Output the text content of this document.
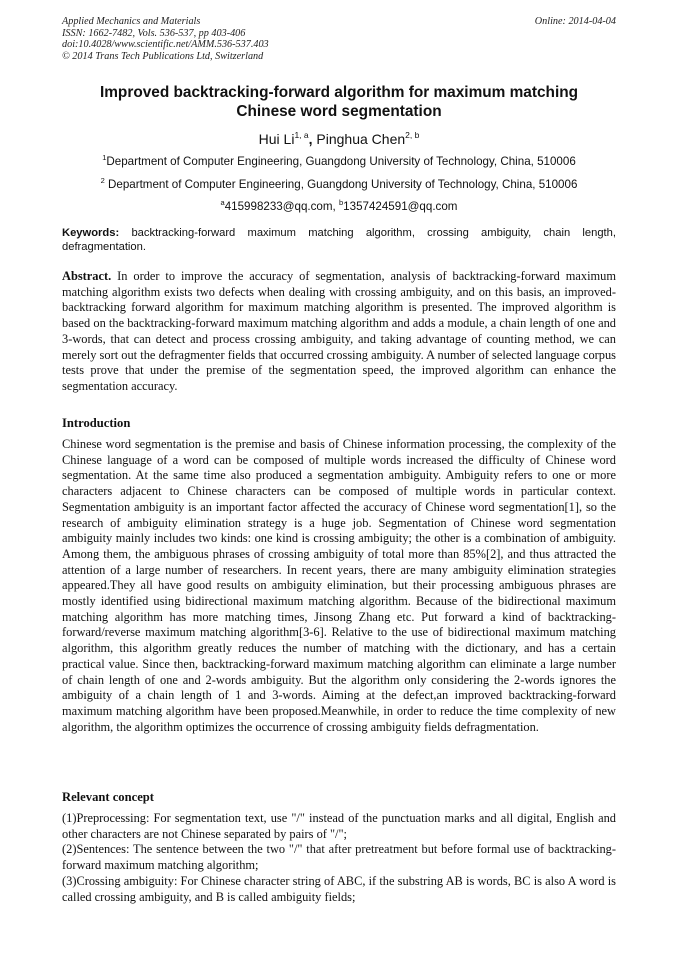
Applied Mechanics and Materials
ISSN: 1662-7482, Vols. 536-537, pp 403-406
doi:10.4028/www.scientific.net/AMM.536-537.403
© 2014 Trans Tech Publications Ltd, Switzerland
Online: 2014-04-04
Improved backtracking-forward algorithm for maximum matching
Chinese word segmentation
Hui Li$^{1, a}$, Pinghua Chen$^{2, b}$
$^1$Department of Computer Engineering, Guangdong University of Technology, China, 510006
$^2$ Department of Computer Engineering, Guangdong University of Technology, China, 510006
$^a$415998233@qq.com, $^b$1357424591@qq.com
Keywords: backtracking-forward maximum matching algorithm, crossing ambiguity, chain length, defragmentation.
Abstract. In order to improve the accuracy of segmentation, analysis of backtracking-forward maximum matching algorithm exists two defects when dealing with crossing ambiguity, and on this basis, an improved-backtracking forward algorithm for maximum matching algorithm is presented. The improved algorithm is based on the backtracking-forward maximum matching algorithm and adds a module, a chain length of one and 3-words, that can detect and process crossing ambiguity, and taking advantage of counting method, we can merely sort out the defragmenter fields that occurred crossing ambiguity. A number of selected language corpus tests prove that under the premise of the segmentation speed, the improved algorithm can enhance the segmentation accuracy.
Introduction
Chinese word segmentation is the premise and basis of Chinese information processing, the complexity of the Chinese language of a word can be composed of multiple words increased the difficulty of Chinese word segmentation. At the same time also produced a segmentation ambiguity. Ambiguity refers to one or more characters adjacent to Chinese characters can be composed of multiple words in particular context. Segmentation ambiguity is an important factor affected the accuracy of Chinese word segmentation[1], so the research of ambiguity elimination strategy is a huge job. Segmentation of Chinese word segmentation ambiguity mainly includes two kinds: one kind is crossing ambiguity; the other is a combination of ambiguity. Among them, the ambiguous phrases of crossing ambiguity of total more than 85%[2], and thus attracted the attention of a large number of researchers. In recent years, there are many ambiguity elimination strategies appeared.They all have good results on ambiguity elimination, but their processing ambiguous phrases are mostly identified using bidirectional maximum matching algorithm. Because of the bidirectional maximum matching algorithm has more matching times, Jinsong Zhang etc. Put forward a kind of backtracking-forward/reverse maximum matching algorithm[3-6]. Relative to the use of bidirectional maximum matching algorithm, this algorithm greatly reduces the number of matching with the dictionary, and has a certain practical value. Since then, backtracking-forward maximum matching algorithm can eliminate a large number of chain length of one and 2-words ambiguity. But the algorithm only considering the 2-words ignores the ambiguity of a chain length of 1 and 3-words. Aiming at the defect,an improved backtracking-forward maximum matching algorithm have been proposed.Meanwhile, in order to reduce the time complexity of new algorithm, the algorithm optimizes the occurrence of crossing ambiguity fields defragmentation.
Relevant concept

(1)Preprocessing: For segmentation text, use "/" instead of the punctuation marks and all digital, English and other characters are not Chinese separated by pairs of "/";

(2)Sentences: The sentence between the two "/" that after pretreatment but before formal use of backtracking-forward maximum matching algorithm;

(3)Crossing ambiguity: For Chinese character string of ABC, if the substring AB is words, BC is also A word is called crossing ambiguity, and B is called ambiguity fields;
